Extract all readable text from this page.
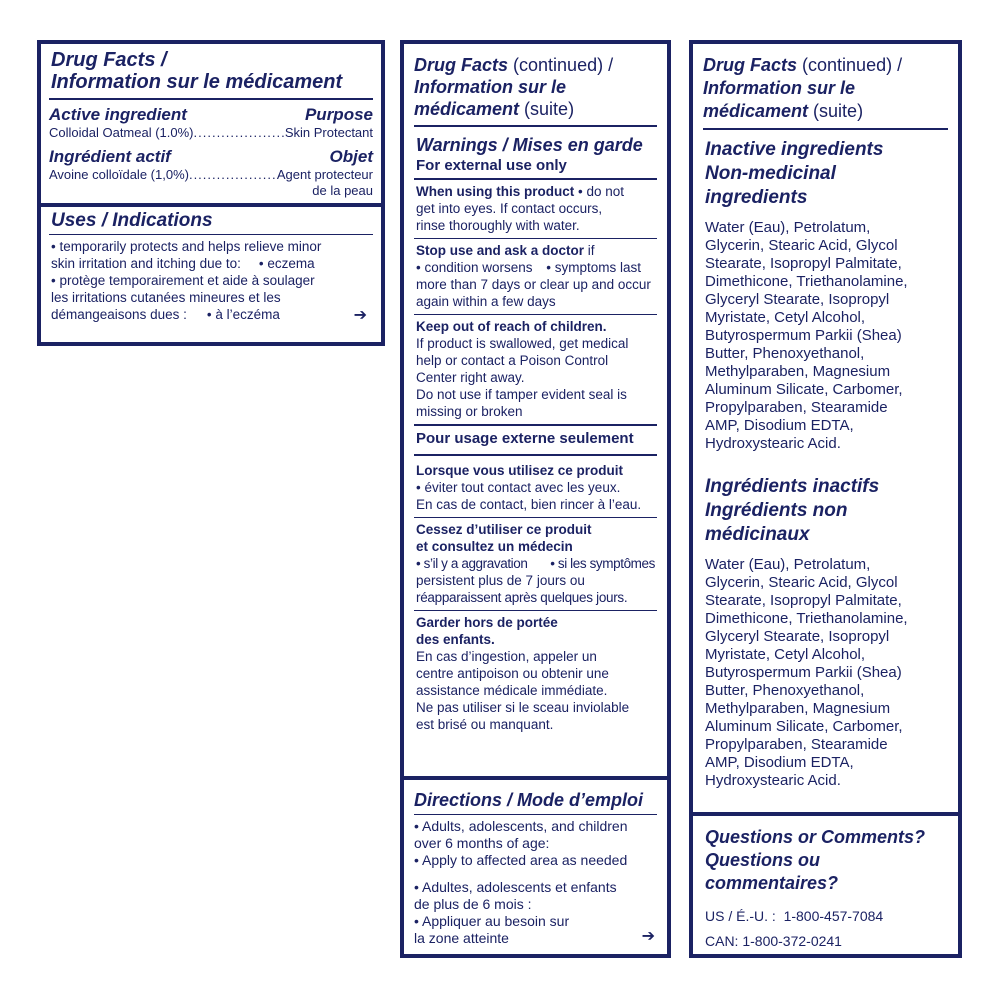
Drug Facts /
Information sur le médicament
Active ingredient	Purpose
Colloidal Oatmeal (1.0%) .....	Skin Protectant
Ingrédient actif	Objet
Avoine colloïdale (1,0%) .....	Agent protecteur
de la peau
Uses / Indications
• temporarily protects and helps relieve minor
skin irritation and itching due to: • eczema
• protège temporairement et aide à soulager
les irritations cutanées mineures et les
démangeaisons dues : • à l’eczéma	➔
Drug Facts (continued) /
Information sur le
médicament (suite)
Warnings / Mises en garde
For external use only
When using this product • do not
get into eyes. If contact occurs,
rinse thoroughly with water.
Stop use and ask a doctor if
• condition worsens • symptoms last
more than 7 days or clear up and occur
again within a few days
Keep out of reach of children.
If product is swallowed, get medical
help or contact a Poison Control
Center right away.
Do not use if tamper evident seal is
missing or broken
Pour usage externe seulement
Lorsque vous utilisez ce produit
• éviter tout contact avec les yeux.
En cas de contact, bien rincer à l’eau.
Cessez d’utiliser ce produit
et consultez un médecin
• s’il y a aggravation • si les symptômes
persistent plus de 7 jours ou
réapparaissent après quelques jours.
Garder hors de portée
des enfants.
En cas d’ingestion, appeler un
centre antipoison ou obtenir une
assistance médicale immédiate.
Ne pas utiliser si le sceau inviolable
est brisé ou manquant.
Directions / Mode d’emploi
• Adults, adolescents, and children
over 6 months of age:
• Apply to affected area as needed
• Adultes, adolescents et enfants
de plus de 6 mois :
• Appliquer au besoin sur
la zone atteinte	➔
Drug Facts (continued) /
Information sur le
médicament (suite)
Inactive ingredients
Non-medicinal
ingredients
Water (Eau), Petrolatum,
Glycerin, Stearic Acid, Glycol
Stearate, Isopropyl Palmitate,
Dimethicone, Triethanolamine,
Glyceryl Stearate, Isopropyl
Myristate, Cetyl Alcohol,
Butyrospermum Parkii (Shea)
Butter, Phenoxyethanol,
Methylparaben, Magnesium
Aluminum Silicate, Carbomer,
Propylparaben, Stearamide
AMP, Disodium EDTA,
Hydroxystearic Acid.
Ingrédients inactifs
Ingrédients non
médicinaux
Water (Eau), Petrolatum,
Glycerin, Stearic Acid, Glycol
Stearate, Isopropyl Palmitate,
Dimethicone, Triethanolamine,
Glyceryl Stearate, Isopropyl
Myristate, Cetyl Alcohol,
Butyrospermum Parkii (Shea)
Butter, Phenoxyethanol,
Methylparaben, Magnesium
Aluminum Silicate, Carbomer,
Propylparaben, Stearamide
AMP, Disodium EDTA,
Hydroxystearic Acid.
Questions or Comments?
Questions ou
commentaires?
US / É.-U. :  1-800-457-7084
CAN: 1-800-372-0241
